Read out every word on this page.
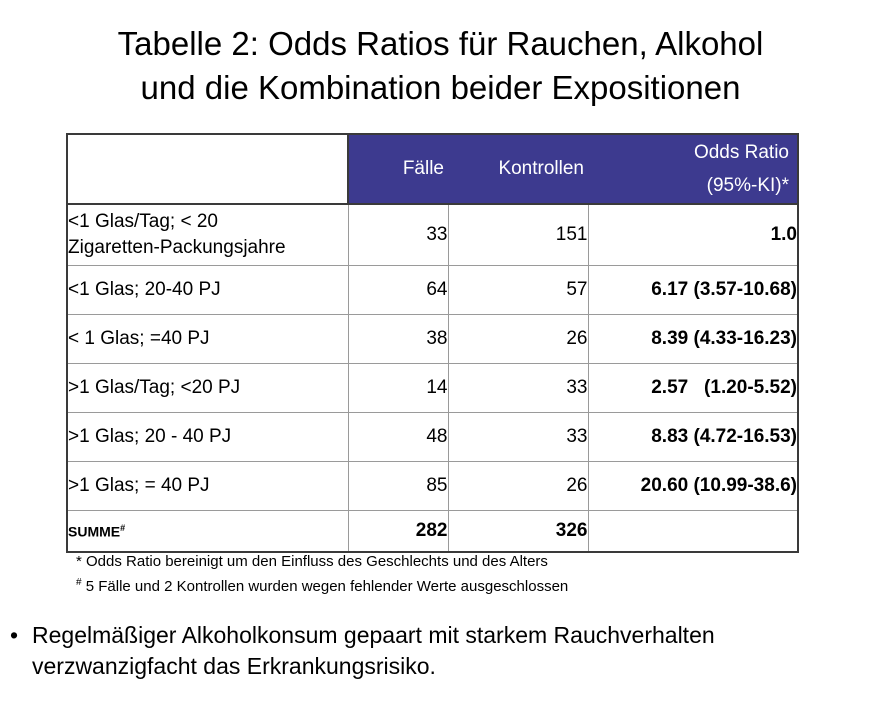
Tabelle 2: Odds Ratios für Rauchen, Alkohol
und die Kombination beider Expositionen
	Fälle	Kontrollen	Odds Ratio
(95%-KI)*

<1 Glas/Tag; < 20
Zigaretten-Packungsjahre	33	151	1.0
<1 Glas; 20-40 PJ	64	57	6.17 (3.57-10.68)
< 1 Glas; =40 PJ	38	26	8.39 (4.33-16.23)
>1 Glas/Tag; <20 PJ	14	33	2.57   (1.20-5.52)
>1 Glas; 20 - 40 PJ	48	33	8.83 (4.72-16.53)
>1 Glas; = 40 PJ	85	26	20.60 (10.99-38.6)
SUMME#	282	326	
* Odds Ratio bereinigt um den Einfluss des Geschlechts und des Alters
# 5 Fälle und 2 Kontrollen wurden wegen fehlender Werte ausgeschlossen
• Regelmäßiger Alkoholkonsum gepaart mit starkem Rauchverhalten
verzwanzigfacht das Erkrankungsrisiko.
